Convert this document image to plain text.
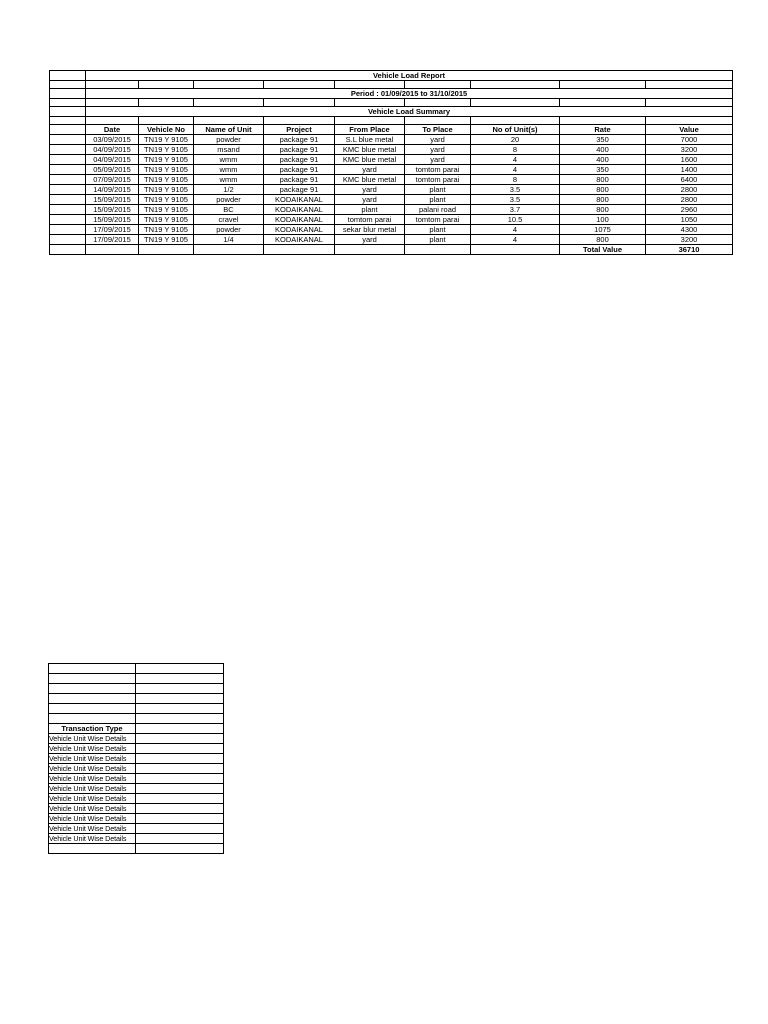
	Vehicle Load Report								

	Period : 01/09/2015 to 31/10/2015								

	Vehicle Load Summary								

	Date	Vehicle No	Name of Unit	Project	From Place	To Place	No of Unit(s)	Rate	Value
	03/09/2015	TN19 Y 9105	powder	package 91	S.L blue metal	yard	20	350	7000
	04/09/2015	TN19 Y 9105	msand	package 91	KMC blue metal	yard	8	400	3200
	04/09/2015	TN19 Y 9105	wmm	package 91	KMC blue metal	yard	4	400	1600
	05/09/2015	TN19 Y 9105	wmm	package 91	yard	tomtom parai	4	350	1400
	07/09/2015	TN19 Y 9105	wmm	package 91	KMC blue metal	tomtom parai	8	800	6400
	14/09/2015	TN19 Y 9105	1/2	package 91	yard	plant	3.5	800	2800
	15/09/2015	TN19 Y 9105	powder	KODAIKANAL	yard	plant	3.5	800	2800
	15/09/2015	TN19 Y 9105	BC	KODAIKANAL	plant	palani road	3.7	800	2960
	15/09/2015	TN19 Y 9105	cravel	KODAIKANAL	tomtom parai	tomtom parai	10.5	100	1050
	17/09/2015	TN19 Y 9105	powder	KODAIKANAL	sekar blur metal	plant	4	1075	4300
	17/09/2015	TN19 Y 9105	1/4	KODAIKANAL	yard	plant	4	800	3200
								Total Value	36710

Transaction Type	
Vehicle Unit Wise Details	
Vehicle Unit Wise Details	
Vehicle Unit Wise Details	
Vehicle Unit Wise Details	
Vehicle Unit Wise Details	
Vehicle Unit Wise Details	
Vehicle Unit Wise Details	
Vehicle Unit Wise Details	
Vehicle Unit Wise Details	
Vehicle Unit Wise Details	
Vehicle Unit Wise Details	
